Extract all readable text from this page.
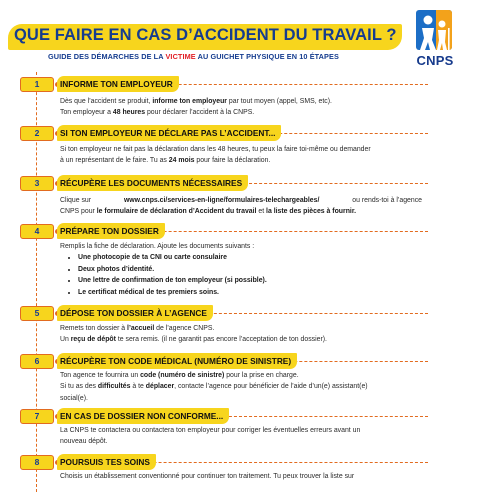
QUE FAIRE EN CAS D’ACCIDENT DU TRAVAIL ?
GUIDE DES DÉMARCHES DE LA VICTIME AU GUICHET PHYSIQUE EN 10 ÉTAPES	CNPS
1	INFORME TON EMPLOYEUR
Dès que l’accident se produit, informe ton employeur par tout moyen (appel, SMS, etc).
Ton employeur a 48 heures pour déclarer l’accident à la CNPS.
2	SI TON EMPLOYEUR NE DÉCLARE PAS L’ACCIDENT...
Si ton employeur ne fait pas la déclaration dans les 48 heures, tu peux la faire toi-même ou demander
à un représentant de le faire. Tu as 24 mois pour faire la déclaration.
3	RÉCUPÈRE LES DOCUMENTS NÉCESSAIRES
Clique sur	www.cnps.ci/services-en-ligne/formulaires-telechargeables/	ou rends-toi à l’agence
CNPS pour le formulaire de déclaration d’Accident du travail et la liste des pièces à fournir.
4	PRÉPARE TON DOSSIER
Remplis la fiche de déclaration. Ajoute les documents suivants :
• Une photocopie de ta CNI ou carte consulaire
• Deux photos d’identité.
• Une lettre de confirmation de ton employeur (si possible).
• Le certificat médical de tes premiers soins.
5	DÉPOSE TON DOSSIER À L’AGENCE
Remets ton dossier à l’accueil de l’agence CNPS.
Un reçu de dépôt te sera remis. (il ne garantit pas encore l’acceptation de ton dossier).
6	RÉCUPÈRE TON CODE MÉDICAL (NUMÉRO DE SINISTRE)
Ton agence te fournira un code (numéro de sinistre) pour la prise en charge.
Si tu as des difficultés à te déplacer, contacte l’agence pour bénéficier de l’aide d’un(e) assistant(e)
social(e).
7	EN CAS DE DOSSIER NON CONFORME...
La CNPS te contactera ou contactera ton employeur pour corriger les éventuelles erreurs avant un
nouveau dépôt.
8	POURSUIS TES SOINS
Choisis un établissement conventionné pour continuer ton traitement. Tu peux trouver la liste sur
